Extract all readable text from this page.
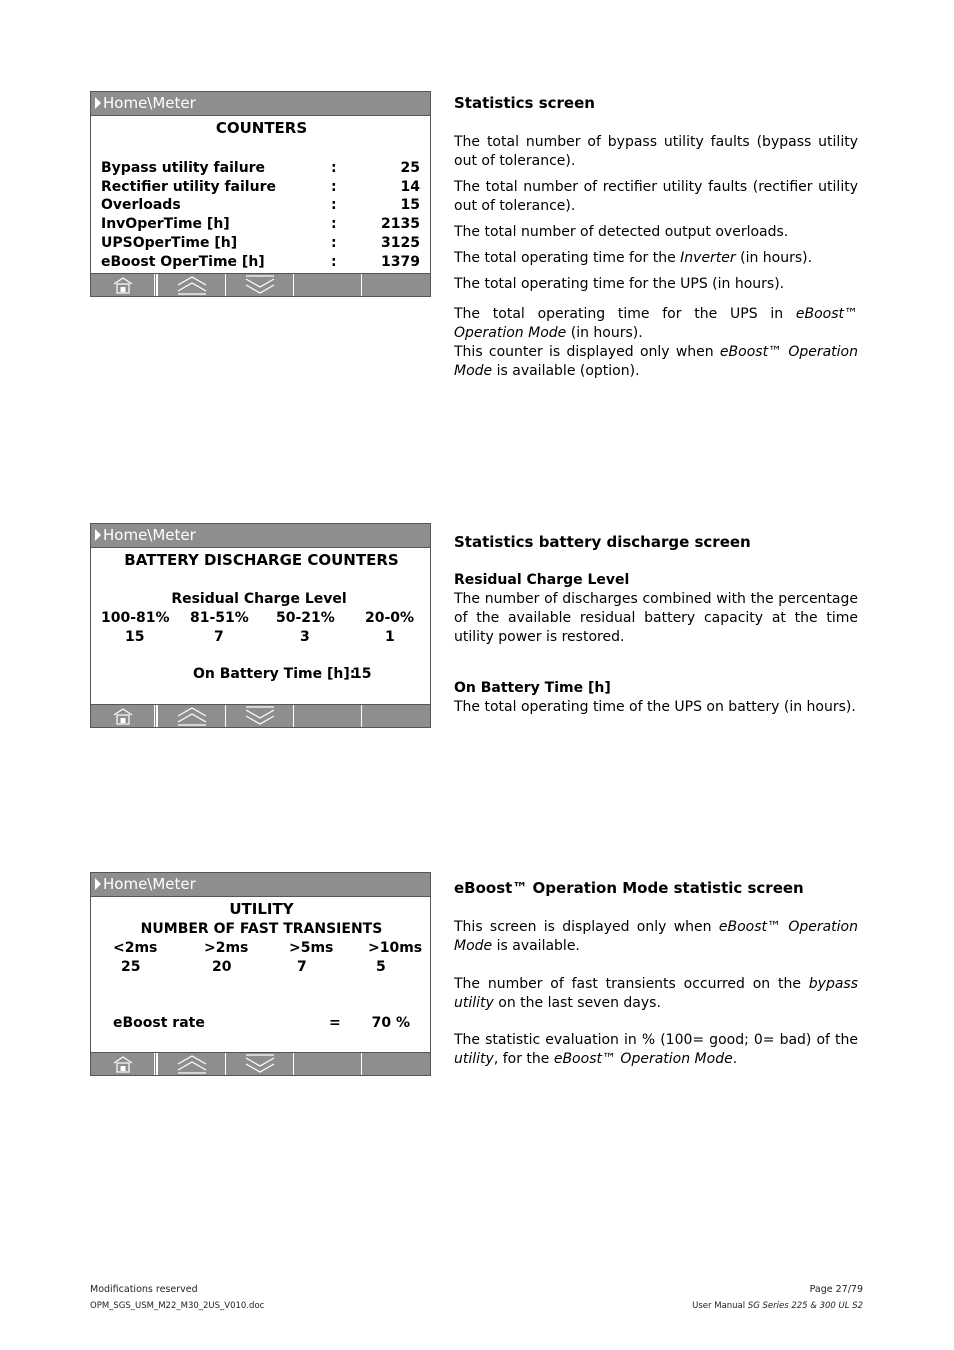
Home\Meter
COUNTERS
Bypass utility failure	:	25
Rectifier utility failure	:	14
Overloads	:	15
InvOperTime [h]	:	2135
UPSOperTime [h]	:	3125
eBoost OperTime [h]	:	1379
Home\Meter
BATTERY DISCHARGE COUNTERS
Residual Charge Level
100-81% 81-51% 50-21% 20-0%
15	7	3	1
On Battery Time [h]:
15
Home\Meter
UTILITY
NUMBER OF FAST TRANSIENTS
<2ms	>2ms	>5ms >10ms
25	20	7	5
eBoost rate	= 70 %

Statistics screen

The total number of bypass utility faults (bypass utility out of tolerance).

The total number of rectifier utility faults (rectifier utility out of tolerance).

The total number of detected output overloads.

The total operating time for the Inverter (in hours).

The total operating time for the UPS (in hours).

The total operating time for the UPS in eBoost™ Operation Mode (in hours).

This counter is displayed only when eBoost™ Operation Mode is available (option).

Statistics battery discharge screen

Residual Charge Level

The number of discharges combined with the percentage of the available residual battery capacity at the time utility power is restored.

On Battery Time [h]

The total operating time of the UPS on battery (in hours).

eBoost™ Operation Mode statistic screen

This screen is displayed only when eBoost™ Operation Mode is available.

The number of fast transients occurred on the bypass utility on the last seven days.

The statistic evaluation in % (100= good; 0= bad) of the utility, for the eBoost™ Operation Mode.

Modifications reserved
OPM_SGS_USM_M22_M30_2US_V010.doc
Page 27/79
User Manual SG Series 225 & 300 UL S2
